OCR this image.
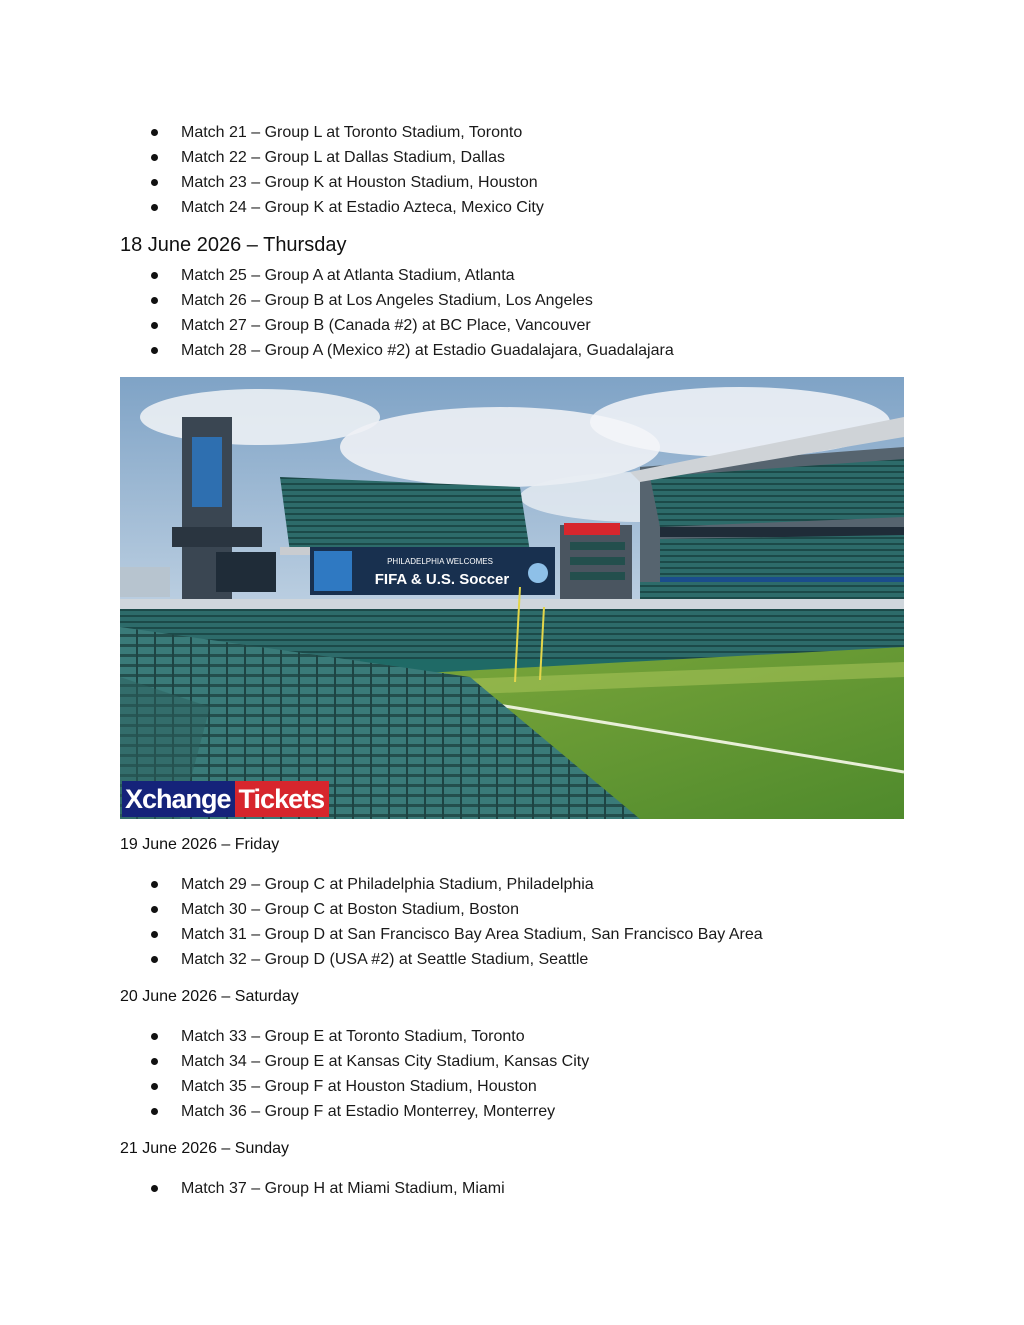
Match 21 – Group L at Toronto Stadium, Toronto
Match 22 – Group L at Dallas Stadium, Dallas
Match 23 – Group K at Houston Stadium, Houston
Match 24 – Group K at Estadio Azteca, Mexico City
18 June 2026 – Thursday
Match 25 – Group A at Atlanta Stadium, Atlanta
Match 26 – Group B at Los Angeles Stadium, Los Angeles
Match 27 – Group B (Canada #2) at BC Place, Vancouver
Match 28 – Group A (Mexico #2) at Estadio Guadalajara, Guadalajara
PHILADELPHIA WELCOMES
FIFA & U.S. Soccer
Xchange Tickets

19 June 2026 – Friday

Match 29 – Group C at Philadelphia Stadium, Philadelphia
Match 30 – Group C at Boston Stadium, Boston
Match 31 – Group D at San Francisco Bay Area Stadium, San Francisco Bay Area
Match 32 – Group D (USA #2) at Seattle Stadium, Seattle

20 June 2026 – Saturday

Match 33 – Group E at Toronto Stadium, Toronto
Match 34 – Group E at Kansas City Stadium, Kansas City
Match 35 – Group F at Houston Stadium, Houston
Match 36 – Group F at Estadio Monterrey, Monterrey

21 June 2026 – Sunday

Match 37 – Group H at Miami Stadium, Miami
